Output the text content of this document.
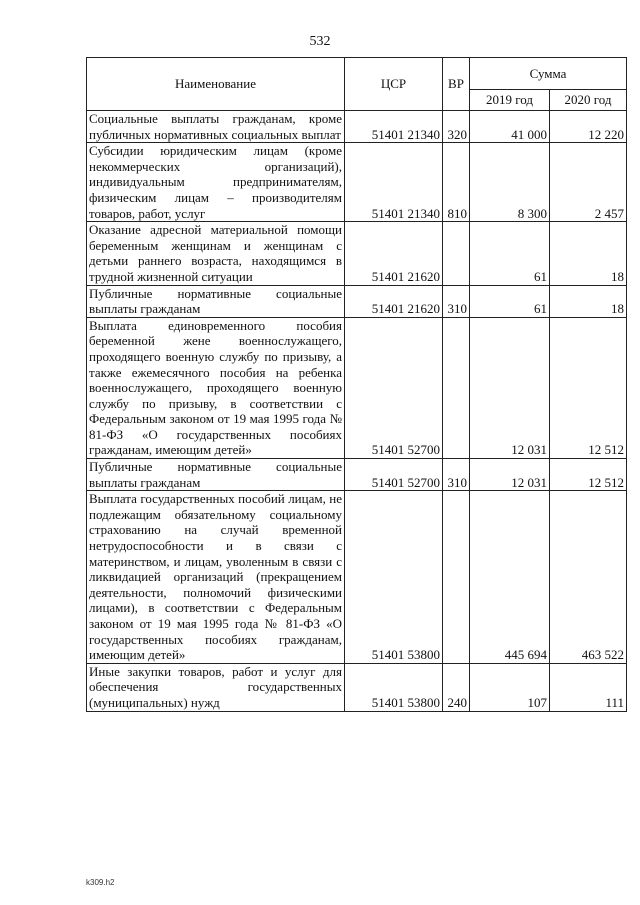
532
Наименование	ЦСР	ВР	Сумма	
			2019 год	2020 год
Социальные выплаты гражданам, кроме публичных нормативных социальных выплат	51401 21340	320	41 000	12 220
Субсидии юридическим лицам (кроме некоммерческих организаций), индивидуальным предпринимателям, физическим лицам – производителям товаров, работ, услуг	51401 21340	810	8 300	2 457
Оказание адресной материальной помощи беременным женщинам и женщинам с детьми раннего возраста, находящимся в трудной жизненной ситуации	51401 21620		61	18
Публичные нормативные социальные выплаты гражданам	51401 21620	310	61	18
Выплата единовременного пособия беременной жене военнослужащего, проходящего военную службу по призыву, а также ежемесячного пособия на ребенка военнослужащего, проходящего военную службу по призыву, в соответствии с Федеральным законом от 19 мая 1995 года № 81-ФЗ «О государственных пособиях гражданам, имеющим детей»	51401 52700		12 031	12 512
Публичные нормативные социальные выплаты гражданам	51401 52700	310	12 031	12 512
Выплата государственных пособий лицам, не подлежащим обязательному социальному страхованию на случай временной нетрудоспособности и в связи с материнством, и лицам, уволенным в связи с ликвидацией организаций (прекращением деятельности, полномочий физическими лицами), в соответствии с Федеральным законом от 19 мая 1995 года № 81-ФЗ «О государственных пособиях гражданам, имеющим детей»	51401 53800		445 694	463 522
Иные закупки товаров, работ и услуг для обеспечения государственных (муниципальных) нужд	51401 53800	240	107	111
k309.h2
